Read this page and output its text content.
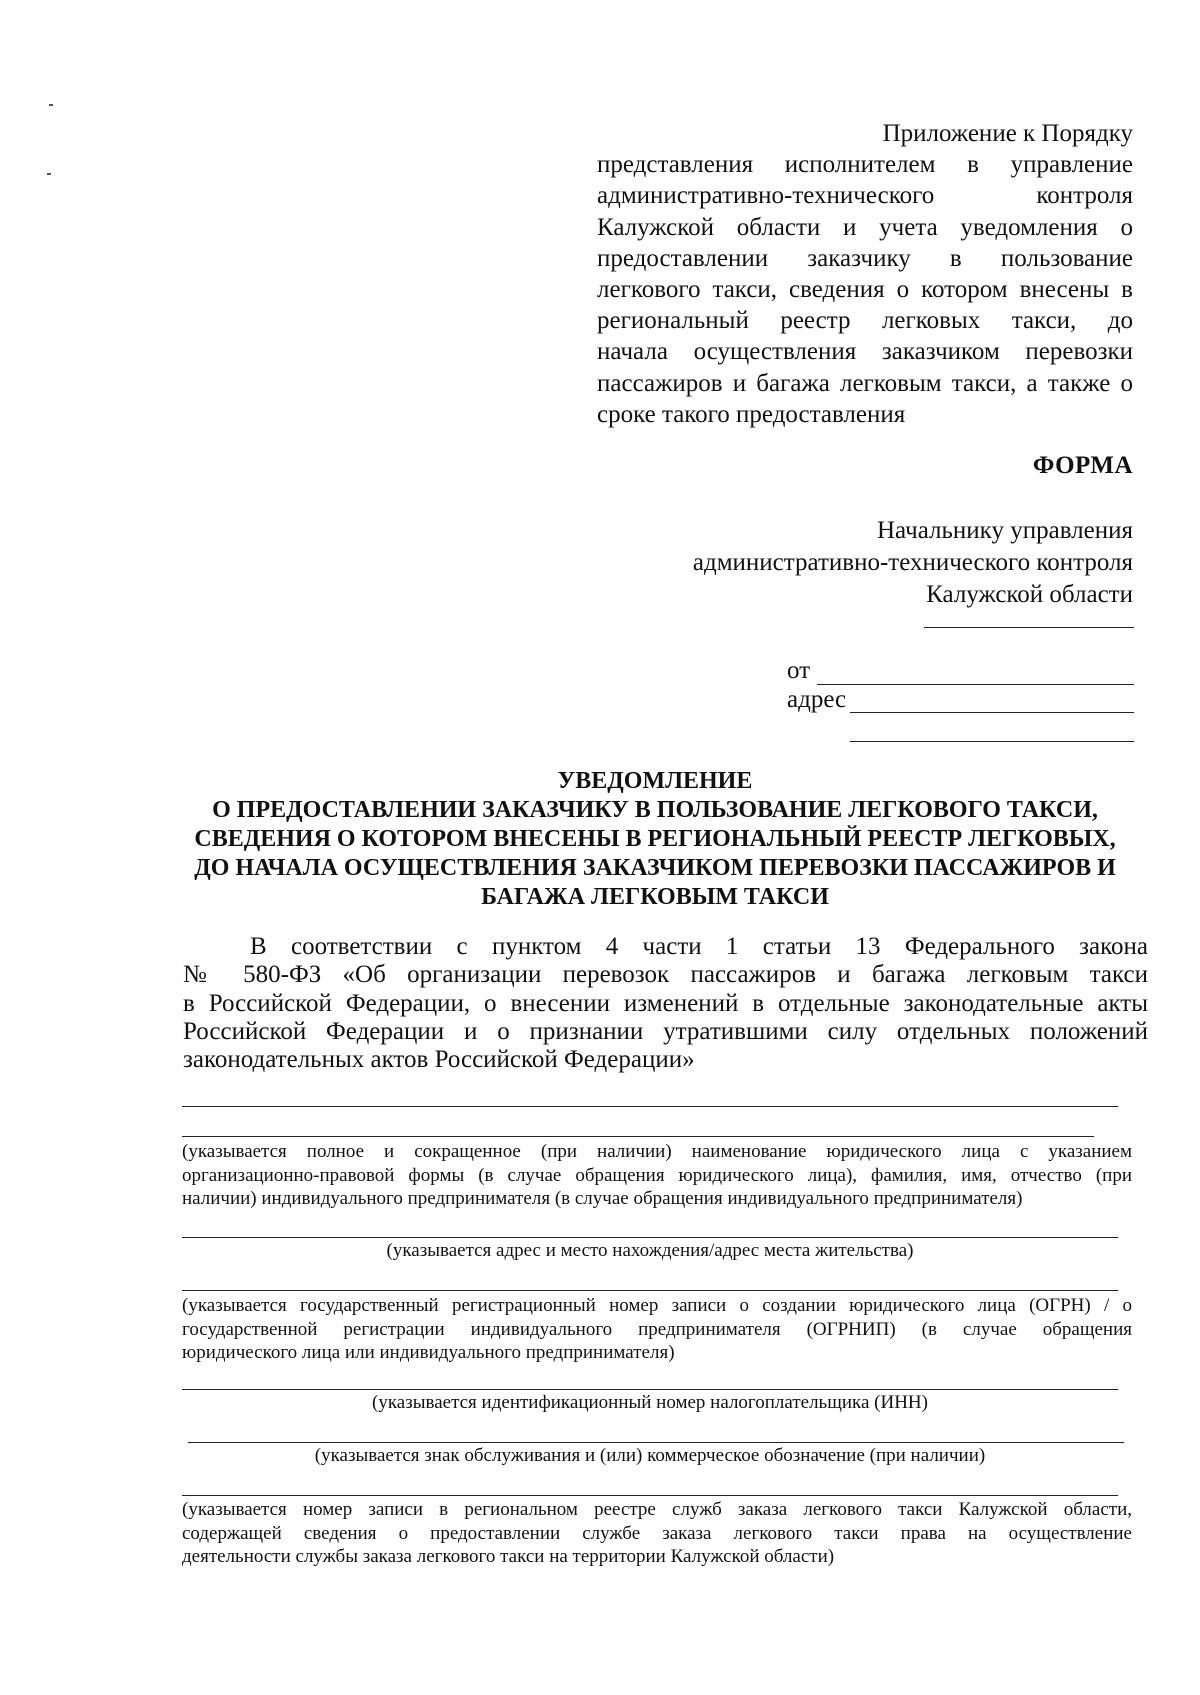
Приложение к Порядку
представления исполнителем в управление
административно-технического контроля
Калужской области и учета уведомления о
предоставлении заказчику в пользование
легкового такси, сведения о котором внесены в
региональный реестр легковых такси, до
начала осуществления заказчиком перевозки
пассажиров и багажа легковым такси, а также о
сроке такого предоставления
ФОРМА
Начальнику управления
административно-технического контроля
Калужской области
от
адрес
УВЕДОМЛЕНИЕ
О ПРЕДОСТАВЛЕНИИ ЗАКАЗЧИКУ В ПОЛЬЗОВАНИЕ ЛЕГКОВОГО ТАКСИ,
СВЕДЕНИЯ О КОТОРОМ ВНЕСЕНЫ В РЕГИОНАЛЬНЫЙ РЕЕСТР ЛЕГКОВЫХ,
ДО НАЧАЛА ОСУЩЕСТВЛЕНИЯ ЗАКАЗЧИКОМ ПЕРЕВОЗКИ ПАССАЖИРОВ И
БАГАЖА ЛЕГКОВЫМ ТАКСИ
В соответствии с пунктом 4 части 1 статьи 13 Федерального закона
№ 580-ФЗ «Об организации перевозок пассажиров и багажа легковым такси
в Российской Федерации, о внесении изменений в отдельные законодательные акты
Российской Федерации и о признании утратившими силу отдельных положений
законодательных актов Российской Федерации»
(указывается полное и сокращенное (при наличии) наименование юридического лица с указанием
организационно-правовой формы (в случае обращения юридического лица), фамилия, имя, отчество (при
наличии) индивидуального предпринимателя (в случае обращения индивидуального предпринимателя)
(указывается адрес и место нахождения/адрес места жительства)
(указывается государственный регистрационный номер записи о создании юридического лица (ОГРН) / о
государственной регистрации индивидуального предпринимателя (ОГРНИП) (в случае обращения
юридического лица или индивидуального предпринимателя)
(указывается идентификационный номер налогоплательщика (ИНН)
(указывается знак обслуживания и (или) коммерческое обозначение (при наличии)
(указывается номер записи в региональном реестре служб заказа легкового такси Калужской области,
содержащей сведения о предоставлении службе заказа легкового такси права на осуществление
деятельности службы заказа легкового такси на территории Калужской области)
